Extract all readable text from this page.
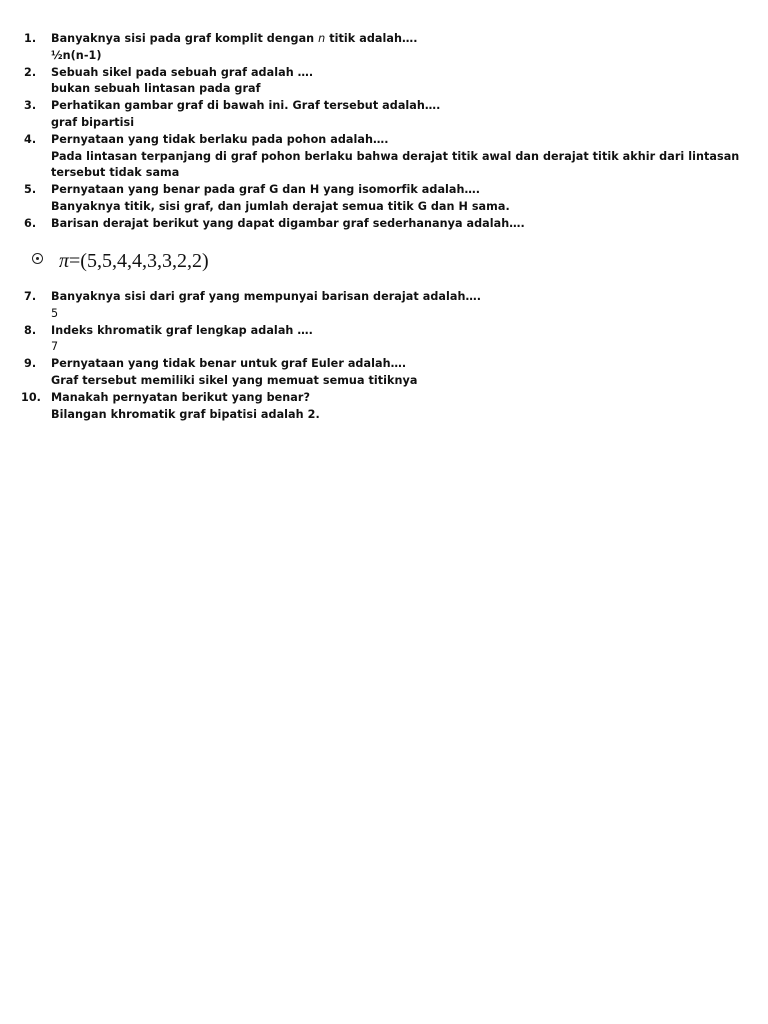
1.	Banyaknya sisi pada graf komplit dengan n titik adalah….
½n(n-1)
2.	Sebuah sikel pada sebuah graf adalah ….
bukan sebuah lintasan pada graf
3.	Perhatikan gambar graf di bawah ini. Graf tersebut adalah….
graf bipartisi
4.	Pernyataan yang tidak berlaku pada pohon adalah….
Pada lintasan terpanjang di graf pohon berlaku bahwa derajat titik awal dan derajat titik akhir dari lintasan tersebut tidak sama
5.	Pernyataan yang benar pada graf G dan H yang isomorfik adalah….
Banyaknya titik, sisi graf, dan jumlah derajat semua titik G dan H sama.
6.	Barisan derajat berikut yang dapat digambar graf sederhananya adalah….
π=(5,5,4,4,3,3,2,2)
7.	Banyaknya sisi dari graf yang mempunyai barisan derajat adalah….
5
8.	Indeks khromatik graf lengkap adalah ….
7
9.	Pernyataan yang tidak benar untuk graf Euler adalah….
Graf tersebut memiliki sikel yang memuat semua titiknya
10. Manakah pernyatan berikut yang benar?
Bilangan khromatik graf bipatisi adalah 2.
